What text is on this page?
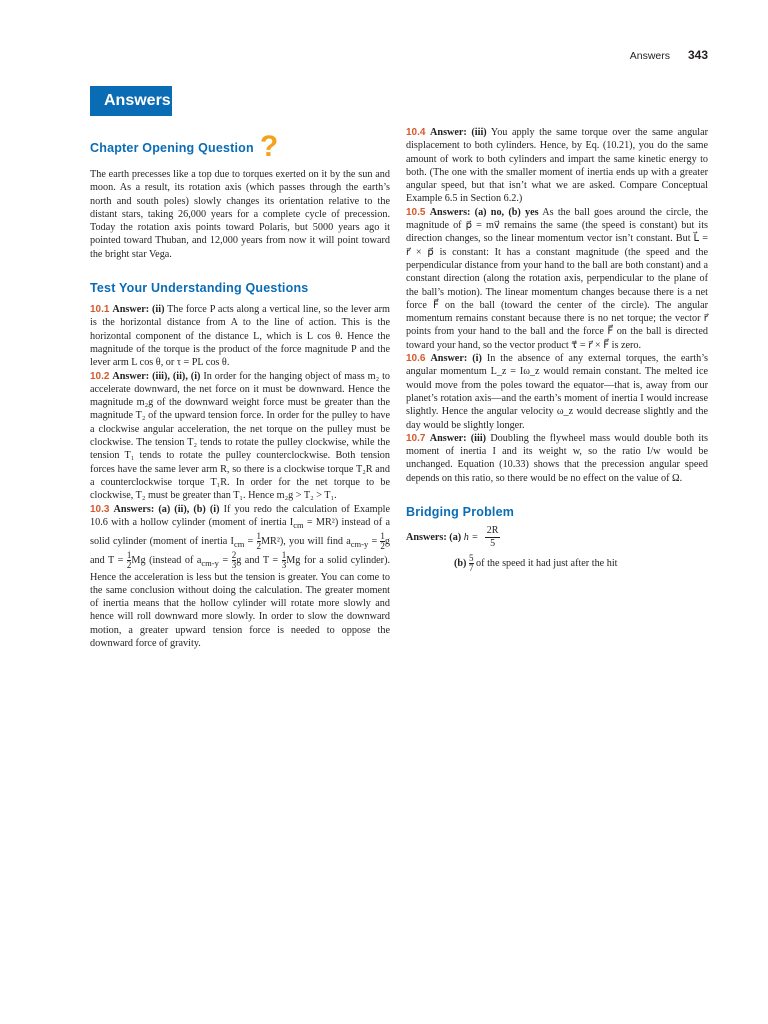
Answers 343
Answers
Chapter Opening Question ?

The earth precesses like a top due to torques exerted on it by the sun and moon. As a result, its rotation axis (which passes through the earth’s north and south poles) slowly changes its orientation relative to the distant stars, taking 26,000 years for a complete cycle of precession. Today the rotation axis points toward Polaris, but 5000 years ago it pointed toward Thuban, and 12,000 years from now it will point toward the bright star Vega.

Test Your Understanding Questions

10.1 Answer: (ii) The force P acts along a vertical line, so the lever arm is the horizontal distance from A to the line of action. This is the horizontal component of the distance L, which is L cos θ. Hence the magnitude of the torque is the product of the force magnitude P and the lever arm L cos θ, or τ = PL cos θ.

10.2 Answer: (iii), (ii), (i) In order for the hanging object of mass m₂ to accelerate downward, the net force on it must be downward. Hence the magnitude m₂g of the downward weight force must be greater than the magnitude T₂ of the upward tension force. In order for the pulley to have a clockwise angular acceleration, the net torque on the pulley must be clockwise. The tension T₂ tends to rotate the pulley clockwise, while the tension T₁ tends to rotate the pulley counterclockwise. Both tension forces have the same lever arm R, so there is a clockwise torque T₂R and a counterclockwise torque T₁R. In order for the net torque to be clockwise, T₂ must be greater than T₁. Hence m₂g > T₂ > T₁.

10.3 Answers: (a) (ii), (b) (i) If you redo the calculation of Example 10.6 with a hollow cylinder (moment of inertia $I_{cm} = MR^2$) instead of a solid cylinder (moment of inertia $I_{cm} = \frac{1}{2} MR^2$), you will find $a_{cm-y} = \frac{1}{2}$ g and $T = \frac{1}{2}$ Mg (instead of $a_{cm-y} = \frac{2}{3}$ g and $T = \frac{1}{3}$ Mg for a solid cylinder). Hence the acceleration is less but the tension is greater. You can come to the same conclusion without doing the calculation. The greater moment of inertia means that the hollow cylinder will rotate more slowly and hence will roll downward more slowly. In order to slow the downward motion, a greater upward tension force is needed to oppose the downward force of gravity.

10.4 Answer: (iii) You apply the same torque over the same angular displacement to both cylinders. Hence, by Eq. (10.21), you do the same amount of work to both cylinders and impart the same kinetic energy to both. (The one with the smaller moment of inertia ends up with a greater angular speed, but that isn’t what we are asked. Compare Conceptual Example 6.5 in Section 6.2.)

10.5 Answers: (a) no, (b) yes As the ball goes around the circle, the magnitude of p⃗ = mv⃗ remains the same (the speed is constant) but its direction changes, so the linear momentum vector isn’t constant. But L⃗ = r⃗ × p⃗ is constant: It has a constant magnitude (the speed and the perpendicular distance from your hand to the ball are both constant) and a constant direction (along the rotation axis, perpendicular to the plane of the ball’s motion). The linear momentum changes because there is a net force F⃗ on the ball (toward the center of the circle). The angular momentum remains constant because there is no net torque; the vector r⃗ points from your hand to the ball and the force F⃗ on the ball is directed toward your hand, so the vector product τ⃗ = r⃗ × F⃗ is zero.

10.6 Answer: (i) In the absence of any external torques, the earth’s angular momentum L_z = Iω_z would remain constant. The melted ice would move from the poles toward the equator—that is, away from our planet’s rotation axis—and the earth’s moment of inertia I would increase slightly. Hence the angular velocity ω_z would decrease slightly and the day would be slightly longer.

10.7 Answer: (iii) Doubling the flywheel mass would double both its moment of inertia I and its weight w, so the ratio I/w would be unchanged. Equation (10.33) shows that the precession angular speed depends on this ratio, so there would be no effect on the value of Ω.

Bridging Problem
Answers: (a) $h = \frac{2R}{5}$
$(b) \frac{5}{7}$ of the speed it had just after the hit
